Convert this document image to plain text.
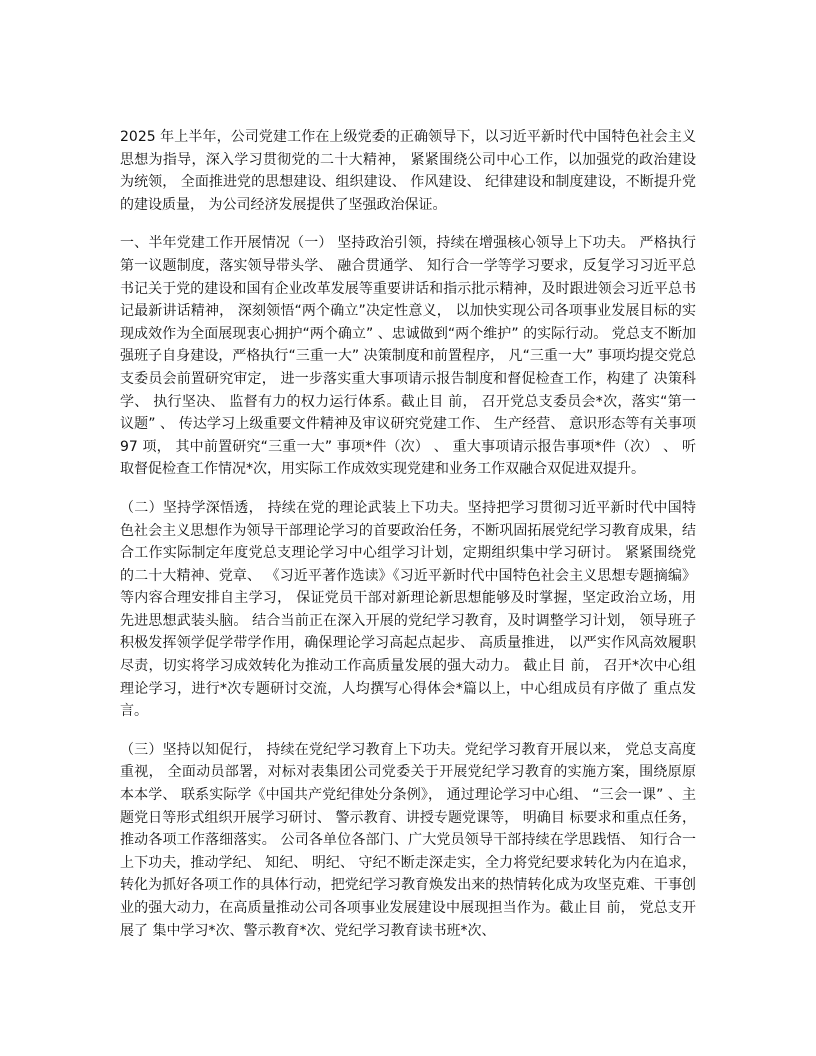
2025 年上半年，公司党建工作在上级党委的正确领导下，以习近平新时代中国特色社会主义思想为指导，深入学习贯彻党的二十大精神， 紧紧围绕公司中心工作，以加强党的政治建设为统领， 全面推进党的思想建设、组织建设、 作风建设、 纪律建设和制度建设，不断提升党的建设质量， 为公司经济发展提供了坚强政治保证。

一、半年党建工作开展情况（一） 坚持政治引领，持续在增强核心领导上下功夫。 严格执行第一议题制度，落实领导带头学、 融合贯通学、 知行合一学等学习要求，反复学习习近平总书记关于党的建设和国有企业改革发展等重要讲话和指示批示精神，及时跟进领会习近平总书记最新讲话精神， 深刻领悟“两个确立”决定性意义， 以加快实现公司各项事业发展目标的实现成效作为全面展现衷心拥护“两个确立” 、忠诚做到“两个维护” 的实际行动。 党总支不断加强班子自身建设，严格执行“三重一大” 决策制度和前置程序， 凡“三重一大” 事项均提交党总支委员会前置研究审定， 进一步落实重大事项请示报告制度和督促检查工作，构建了 决策科学、 执行坚决、 监督有力的权力运行体系。截止目 前， 召开党总支委员会*次，落实“第一议题” 、 传达学习上级重要文件精神及审议研究党建工作、 生产经营、 意识形态等有关事项 97 项， 其中前置研究“三重一大” 事项*件（次） 、 重大事项请示报告事项*件（次） 、 听取督促检查工作情况*次，用实际工作成效实现党建和业务工作双融合双促进双提升。

（二）坚持学深悟透， 持续在党的理论武装上下功夫。坚持把学习贯彻习近平新时代中国特色社会主义思想作为领导干部理论学习的首要政治任务，不断巩固拓展党纪学习教育成果，结合工作实际制定年度党总支理论学习中心组学习计划，定期组织集中学习研讨。 紧紧围绕党的二十大精神、党章、 《习近平著作选读》《习近平新时代中国特色社会主义思想专题摘编》等内容合理安排自主学习， 保证党员干部对新理论新思想能够及时掌握，坚定政治立场，用先进思想武装头脑。 结合当前正在深入开展的党纪学习教育，及时调整学习计划， 领导班子积极发挥领学促学带学作用，确保理论学习高起点起步、 高质量推进， 以严实作风高效履职尽责，切实将学习成效转化为推动工作高质量发展的强大动力。 截止目 前， 召开*次中心组理论学习，进行*次专题研讨交流，人均撰写心得体会*篇以上，中心组成员有序做了 重点发言。

（三）坚持以知促行， 持续在党纪学习教育上下功夫。党纪学习教育开展以来， 党总支高度重视， 全面动员部署，对标对表集团公司党委关于开展党纪学习教育的实施方案，围绕原原本本学、 联系实际学《中国共产党纪律处分条例》， 通过理论学习中心组、 “三会一课” 、主题党日等形式组织开展学习研讨、 警示教育、讲授专题党课等， 明确目 标要求和重点任务，推动各项工作落细落实。 公司各单位各部门、广大党员领导干部持续在学思践悟、 知行合一上下功夫，推动学纪、 知纪、 明纪、 守纪不断走深走实，全力将党纪要求转化为内在追求， 转化为抓好各项工作的具体行动，把党纪学习教育焕发出来的热情转化成为攻坚克难、干事创业的强大动力，在高质量推动公司各项事业发展建设中展现担当作为。截止目 前， 党总支开展了 集中学习*次、警示教育*次、党纪学习教育读书班*次、
